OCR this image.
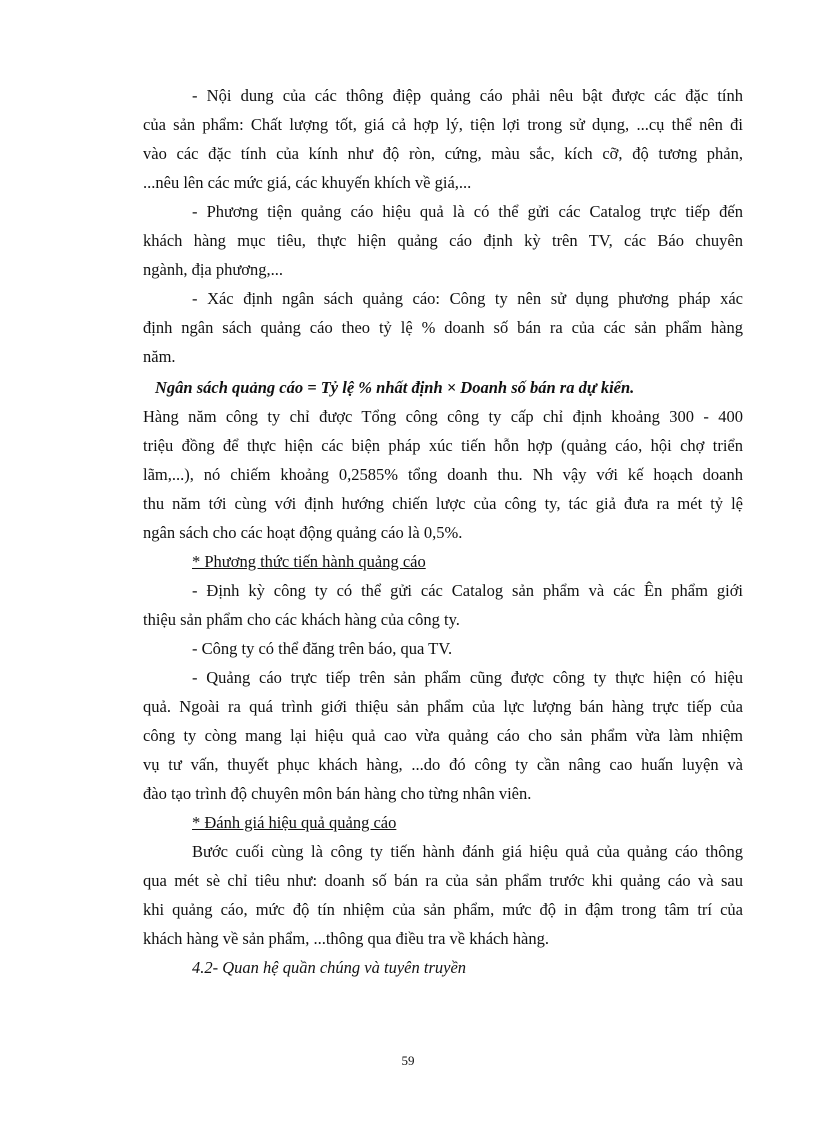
- Nội dung của các thông điệp quảng cáo phải nêu bật được các đặc tính
của sản phẩm: Chất lượng tốt, giá cả hợp lý, tiện lợi trong sử dụng, ...cụ thể nên đi
vào các đặc tính của kính như độ ròn, cứng, màu sắc, kích cỡ, độ tương phản,
...nêu lên các mức giá, các khuyến khích về giá,...
- Phương tiện quảng cáo hiệu quả là có thể gửi các Catalog trực tiếp đến
khách hàng mục tiêu, thực hiện quảng cáo định kỳ trên TV, các Báo chuyên
ngành, địa phương,...
- Xác định ngân sách quảng cáo: Công ty nên sử dụng phương pháp xác
định ngân sách quảng cáo theo tỷ lệ % doanh số bán ra của các sản phẩm hàng
năm.
Ngân sách quảng cáo = Tỷ lệ % nhất định × Doanh số bán ra dự kiến.
Hàng năm công ty chỉ được Tổng công công ty cấp chỉ định khoảng 300 - 400
triệu đồng để thực hiện các biện pháp xúc tiến hỗn hợp (quảng cáo, hội chợ triển
lãm,...), nó chiếm khoảng 0,2585% tổng doanh thu. Nh vậy với kế hoạch doanh
thu năm tới cùng với định hướng chiến lược của công ty, tác giả đưa ra mét tỷ lệ
ngân sách cho các hoạt động quảng cáo là 0,5%.
* Phương thức tiến hành quảng cáo
- Định kỳ công ty có thể gửi các Catalog sản phẩm và các Ên phẩm giới
thiệu sản phẩm cho các khách hàng của công ty.
- Công ty có thể đăng trên báo, qua TV.
- Quảng cáo trực tiếp trên sản phẩm cũng được công ty thực hiện có hiệu
quả. Ngoài ra quá trình giới thiệu sản phẩm của lực lượng bán hàng trực tiếp của
công ty còng mang lại hiệu quả cao vừa quảng cáo cho sản phẩm vừa làm nhiệm
vụ tư vấn, thuyết phục khách hàng, ...do đó công ty cần nâng cao huấn luyện và
đào tạo trình độ chuyên môn bán hàng cho từng nhân viên.
* Đánh giá hiệu quả quảng cáo
Bước cuối cùng là công ty tiến hành đánh giá hiệu quả của quảng cáo thông
qua mét sè chỉ tiêu như: doanh số bán ra của sản phẩm trước khi quảng cáo và sau
khi quảng cáo, mức độ tín nhiệm của sản phẩm, mức độ in đậm trong tâm trí của
khách hàng về sản phẩm, ...thông qua điều tra về khách hàng.
4.2- Quan hệ quần chúng và tuyên truyền
59
